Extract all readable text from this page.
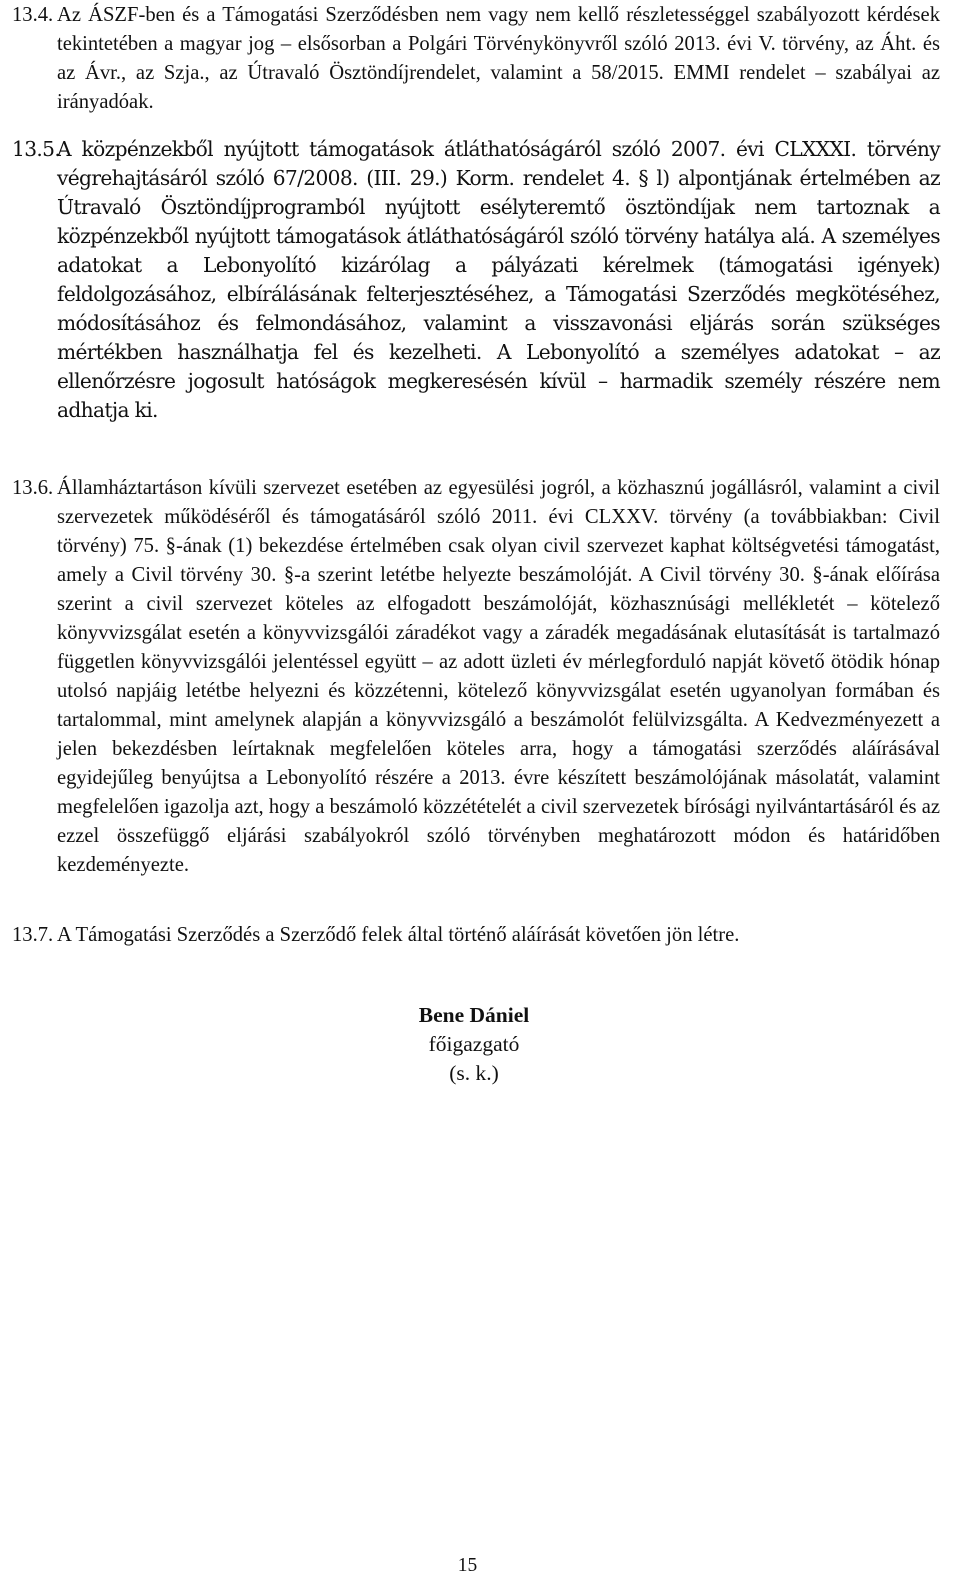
13.4. Az ÁSZF-ben és a Támogatási Szerződésben nem vagy nem kellő részletességgel szabályozott kérdések tekintetében a magyar jog – elsősorban a Polgári Törvénykönyvről szóló 2013. évi V. törvény, az Áht. és az Ávr., az Szja., az Útravaló Ösztöndíjrendelet, valamint a 58/2015. EMMI rendelet – szabályai az irányadóak.
13.5.
A közpénzekből nyújtott támogatások átláthatóságáról szóló 2007. évi CLXXXI. törvény végrehajtásáról szóló 67/2008. (III. 29.) Korm. rendelet 4. § l) alpontjának értelmében az Útravaló Ösztöndíjprogramból nyújtott esélyteremtő ösztöndíjak nem tartoznak a közpénzekből nyújtott támogatások átláthatóságáról szóló törvény hatálya alá. A személyes adatokat a Lebonyolító kizárólag a pályázati kérelmek (támogatási igények) feldolgozásához, elbírálásának felterjesztéséhez, a Támogatási Szerződés megkötéséhez, módosításához és felmondásához, valamint a visszavonási eljárás során szükséges mértékben használhatja fel és kezelheti. A Lebonyolító a személyes adatokat – az ellenőrzésre jogosult hatóságok megkeresésén kívül – harmadik személy részére nem adhatja ki.
13.6. Államháztartáson kívüli szervezet esetében az egyesülési jogról, a közhasznú jogállásról, valamint a civil szervezetek működéséről és támogatásáról szóló 2011. évi CLXXV. törvény (a továbbiakban: Civil törvény) 75. §-ának (1) bekezdése értelmében csak olyan civil szervezet kaphat költségvetési támogatást, amely a Civil törvény 30. §-a szerint letétbe helyezte beszámolóját. A Civil törvény 30. §-ának előírása szerint a civil szervezet köteles az elfogadott beszámolóját, közhasznúsági mellékletét – kötelező könyvvizsgálat esetén a könyvvizsgálói záradékot vagy a záradék megadásának elutasítását is tartalmazó független könyvvizsgálói jelentéssel együtt – az adott üzleti év mérlegforduló napját követő ötödik hónap utolsó napjáig letétbe helyezni és közzétenni, kötelező könyvvizsgálat esetén ugyanolyan formában és tartalommal, mint amelynek alapján a könyvvizsgáló a beszámolót felülvizsgálta. A Kedvezményezett a jelen bekezdésben leírtaknak megfelelően köteles arra, hogy a támogatási szerződés aláírásával egyidejűleg benyújtsa a Lebonyolító részére a 2013. évre készített beszámolójának másolatát, valamint megfelelően igazolja azt, hogy a beszámoló közzétételét a civil szervezetek bírósági nyilvántartásáról és az ezzel összefüggő eljárási szabályokról szóló törvényben meghatározott módon és határidőben kezdeményezte.
13.7. A Támogatási Szerződés a Szerződő felek által történő aláírását követően jön létre.
Bene Dániel
főigazgató
(s. k.)
15
